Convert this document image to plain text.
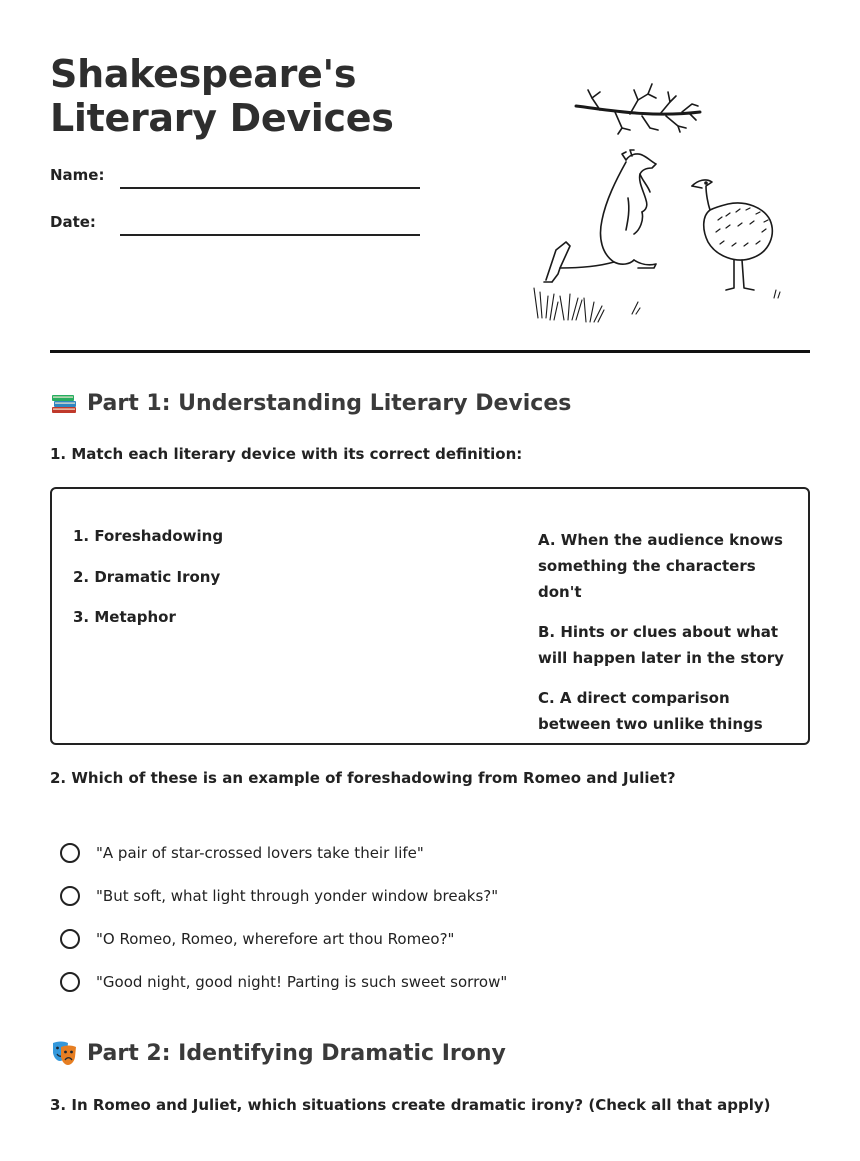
Shakespeare's Literary Devices
Name:
Date:
Part 1: Understanding Literary Devices

1. Match each literary device with its correct definition:

1. Foreshadowing
2. Dramatic Irony
3. Metaphor
A. When the audience knows something the characters don't
B. Hints or clues about what will happen later in the story
C. A direct comparison between two unlike things

2. Which of these is an example of foreshadowing from Romeo and Juliet?

"A pair of star-crossed lovers take their life"
"But soft, what light through yonder window breaks?"
"O Romeo, Romeo, wherefore art thou Romeo?"
"Good night, good night! Parting is such sweet sorrow"
Part 2: Identifying Dramatic Irony

3. In Romeo and Juliet, which situations create dramatic irony? (Check all that apply)
